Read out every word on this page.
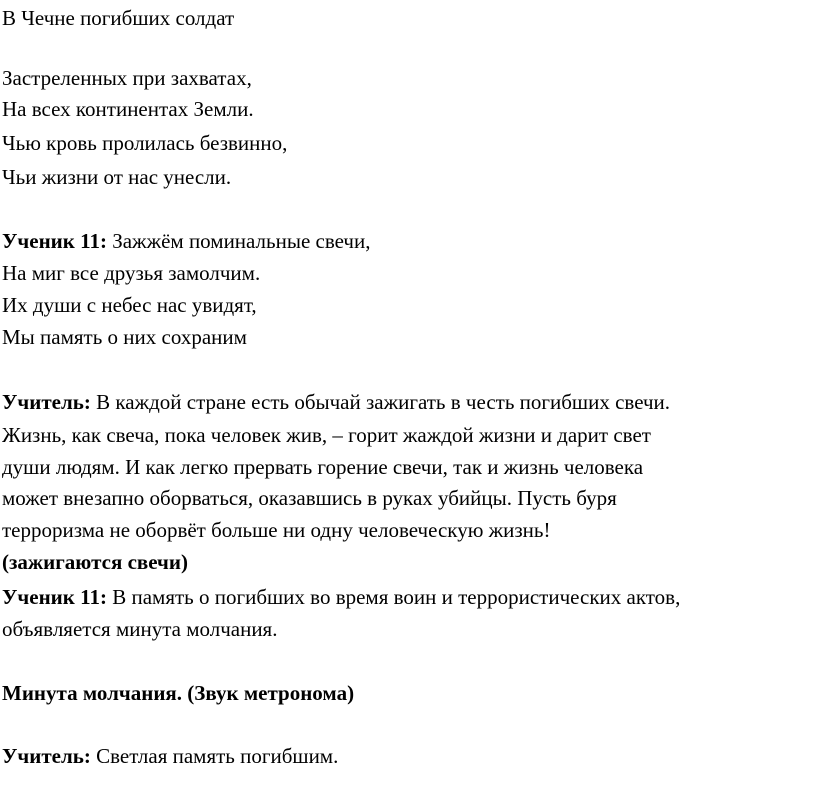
В Чечне погибших солдат
Застреленных при захватах,
На всех континентах Земли.
Чью кровь пролилась безвинно,
Чьи жизни от нас унесли.
Ученик 11: Зажжём поминальные свечи,
На миг все друзья замолчим.
Их души с небес нас увидят,
Мы память о них сохраним
Учитель: В каждой стране есть обычай зажигать в честь погибших свечи.
Жизнь, как свеча, пока человек жив, – горит жаждой жизни и дарит свет
души людям. И как легко прервать горение свечи, так и жизнь человека
может внезапно оборваться, оказавшись в руках убийцы. Пусть буря
терроризма не оборвёт больше ни одну человеческую жизнь!
(зажигаются свечи)
Ученик 11: В память о погибших во время воин и террористических актов,
объявляется минута молчания.
Минута молчания. (Звук метронома)
Учитель: Светлая память погибшим.
